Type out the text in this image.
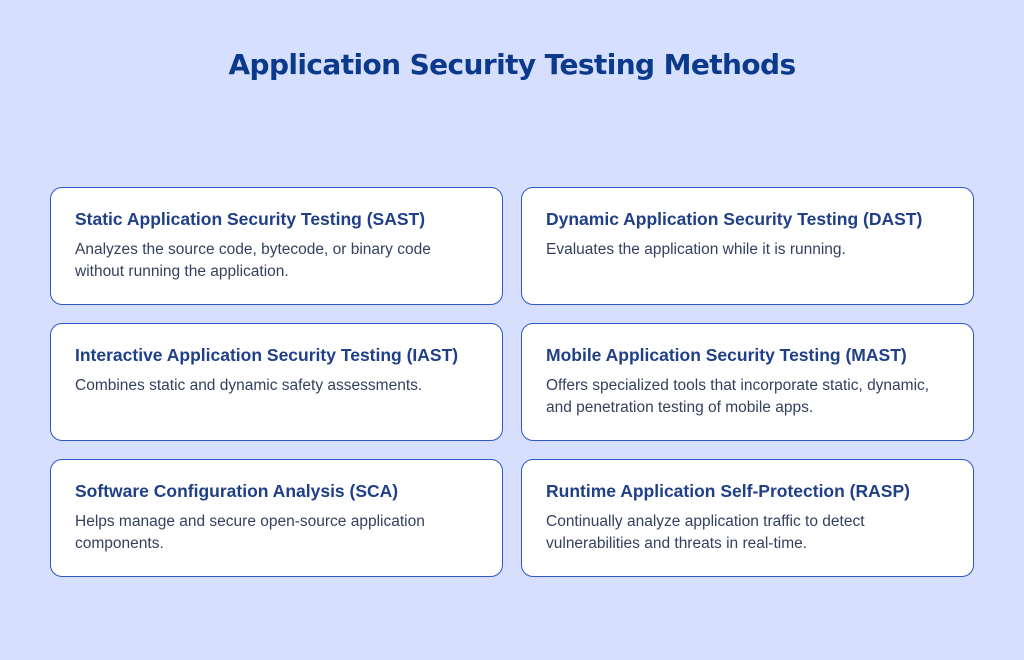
Application Security Testing Methods

Static Application Security Testing (SAST)

Analyzes the source code, bytecode, or binary code without running the application.

Dynamic Application Security Testing (DAST)

Evaluates the application while it is running.

Interactive Application Security Testing (IAST)

Combines static and dynamic safety assessments.

Mobile Application Security Testing (MAST)

Offers specialized tools that incorporate static, dynamic, and penetration testing of mobile apps.

Software Configuration Analysis (SCA)

Helps manage and secure open-source application components.

Runtime Application Self-Protection (RASP)

Continually analyze application traffic to detect vulnerabilities and threats in real-time.
